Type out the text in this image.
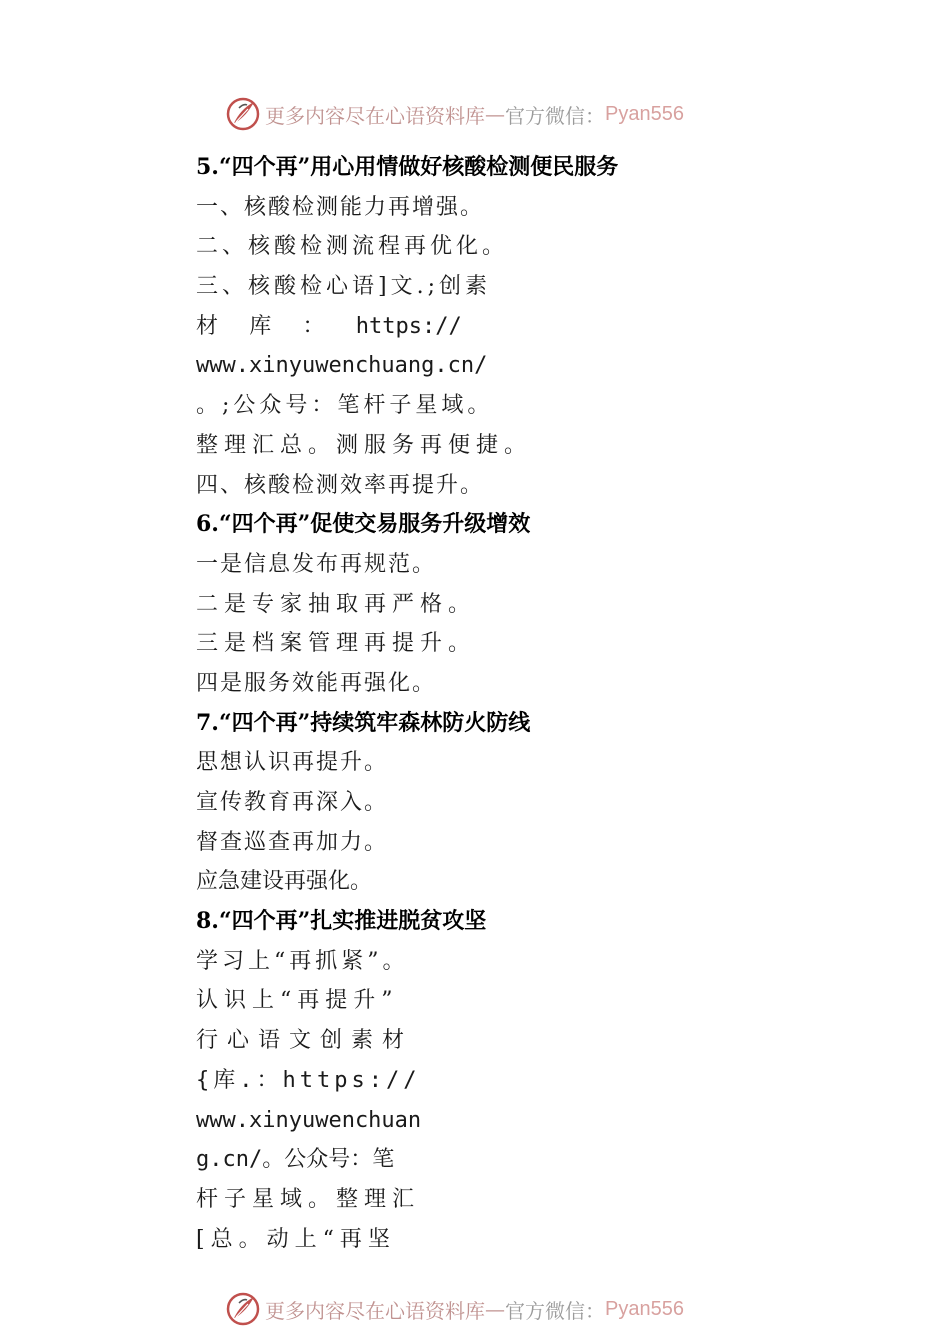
更多内容尽在心语资料库 — 官方微信： Pyan556
5.“四个再”用心用情做好核酸检测便民服务
一、核酸检测能力再增强。
二、核酸检测流程再优化。
三、核酸检心语]文.;创素
材 库 ： https://
www.xinyuwenchuang.cn/
。;公众号：笔杆子星域。
整理汇总。测服务再便捷。
四、核酸检测效率再提升。
6.“四个再”促使交易服务升级增效
一是信息发布再规范。
二是专家抽取再严格。
三是档案管理再提升。
四是服务效能再强化。
7.“四个再”持续筑牢森林防火防线
思想认识再提升。
宣传教育再深入。
督查巡查再加力。
应急建设再强化。
8.“四个再”扎实推进脱贫攻坚
学习上“再抓紧”。
认识上“再提升”
行心语文创素材
{库.：https://
www.xinyuwenchuan
g.cn/。公众号：笔
杆子星域。整理汇
[总。动上“再坚
更多内容尽在心语资料库 — 官方微信： Pyan556
